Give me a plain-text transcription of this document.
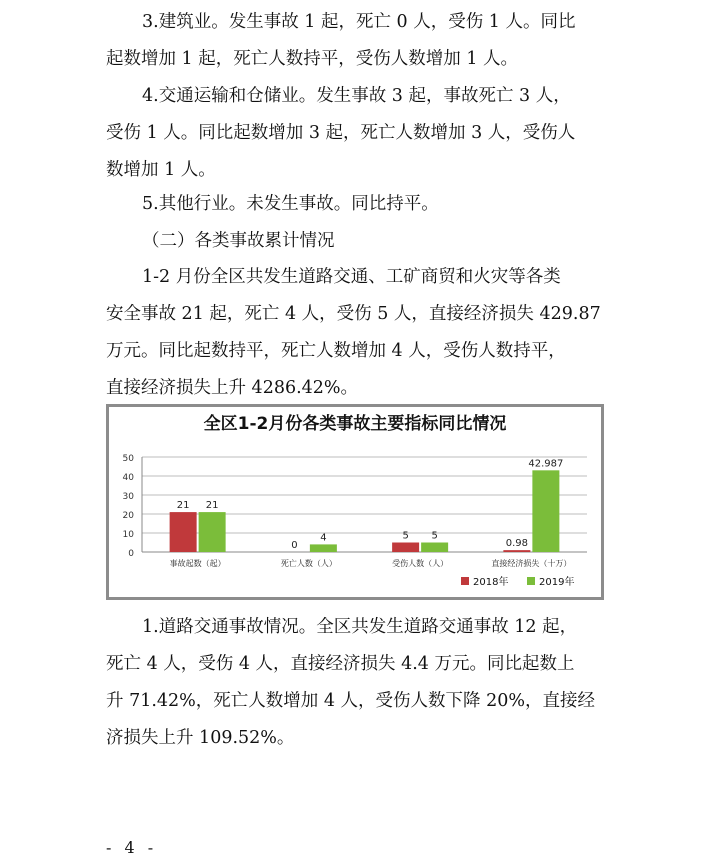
3.建筑业。发生事故 1 起，死亡 0 人，受伤 1 人。同比
起数增加 1 起，死亡人数持平，受伤人数增加 1 人。
4.交通运输和仓储业。发生事故 3 起，事故死亡 3 人，
受伤 1 人。同比起数增加 3 起，死亡人数增加 3 人，受伤人
数增加 1 人。
5.其他行业。未发生事故。同比持平。
（二）各类事故累计情况
1-2 月份全区共发生道路交通、工矿商贸和火灾等各类
安全事故 21 起，死亡 4 人，受伤 5 人，直接经济损失 429.87
万元。同比起数持平，死亡人数增加 4 人，受伤人数持平，
直接经济损失上升 4286.42%。
全区1-2月份各类事故主要指标同比情况
0
10
20
30
40
50
21 21
事故起数（起）
0
4
死亡人数（人）
5 5
受伤人数（人）
0.98
42.987
直接经济损失（十万）
2018年	2019年
1.道路交通事故情况。全区共发生道路交通事故 12 起，
死亡 4 人，受伤 4 人，直接经济损失 4.4 万元。同比起数上
升 71.42%，死亡人数增加 4 人，受伤人数下降 20%，直接经
济损失上升 109.52%。
- 4 -
